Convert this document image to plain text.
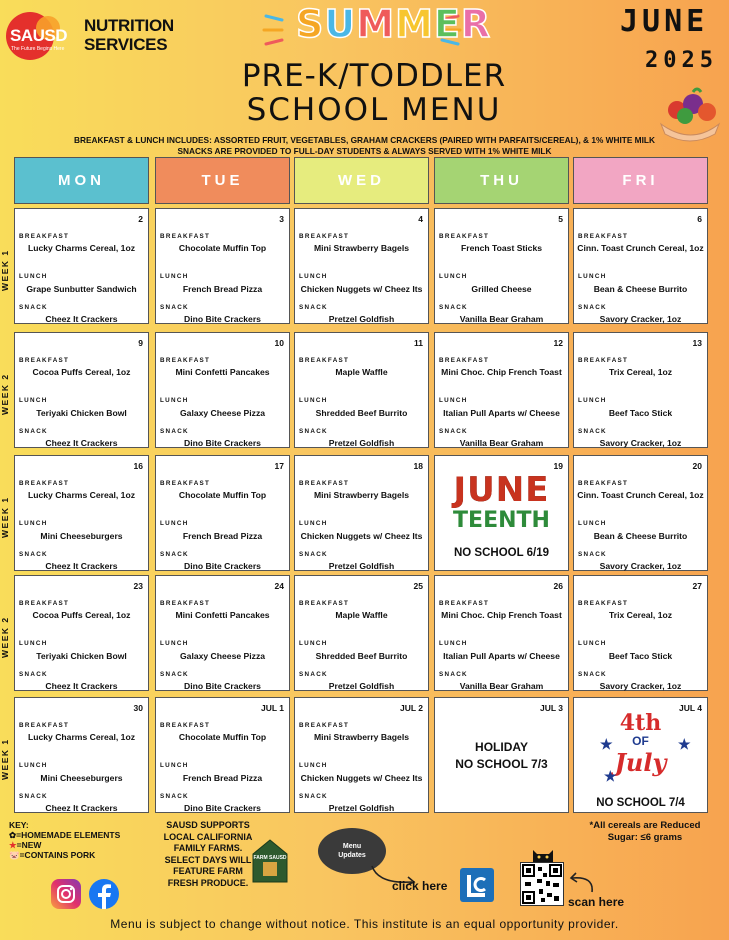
SAUSD
The Future Begins Here
NUTRITION
SERVICES	SUMMER
PRE-K/TODDLER
SCHOOL MENU
JUNE
2025
BREAKFAST & LUNCH INCLUDES: ASSORTED FRUIT, VEGETABLES, GRAHAM CRACKERS (PAIRED WITH PARFAITS/CEREAL), & 1% WHITE MILK
SNACKS ARE PROVIDED TO FULL-DAY STUDENTS & ALWAYS SERVED WITH 1% WHITE MILK
MON	TUE	WED	THU	FRI
WEEK 1
2
BREAKFAST
Lucky Charms Cereal, 1oz
LUNCH
Grape Sunbutter Sandwich
SNACK
Cheez It Crackers
3
BREAKFAST
Chocolate Muffin Top
LUNCH
French Bread Pizza
SNACK
Dino Bite Crackers
4
BREAKFAST
Mini Strawberry Bagels
LUNCH
Chicken Nuggets w/ Cheez Its
SNACK
Pretzel Goldfish
5
BREAKFAST
French Toast Sticks
LUNCH
Grilled Cheese
SNACK
Vanilla Bear Graham
6
BREAKFAST
Cinn. Toast Crunch Cereal, 1oz
LUNCH
Bean & Cheese Burrito
SNACK
Savory Cracker, 1oz
WEEK 2
9
BREAKFAST
Cocoa Puffs Cereal, 1oz
LUNCH
Teriyaki Chicken Bowl
SNACK
Cheez It Crackers
10
BREAKFAST
Mini Confetti Pancakes
LUNCH
Galaxy Cheese Pizza
SNACK
Dino Bite Crackers
11
BREAKFAST
Maple Waffle
LUNCH
Shredded Beef Burrito
SNACK
Pretzel Goldfish
12
BREAKFAST
Mini Choc. Chip French Toast
LUNCH
Italian Pull Aparts w/ Cheese
SNACK
Vanilla Bear Graham
13
BREAKFAST
Trix Cereal, 1oz
LUNCH
Beef Taco Stick
SNACK
Savory Cracker, 1oz
WEEK 1
16
BREAKFAST
Lucky Charms Cereal, 1oz
LUNCH
Mini Cheeseburgers
SNACK
Cheez It Crackers
17
BREAKFAST
Chocolate Muffin Top
LUNCH
French Bread Pizza
SNACK
Dino Bite Crackers
18
BREAKFAST
Mini Strawberry Bagels
LUNCH
Chicken Nuggets w/ Cheez Its
SNACK
Pretzel Goldfish
19
JUNE
TEENTH
NO SCHOOL 6/19
20
BREAKFAST
Cinn. Toast Crunch Cereal, 1oz
LUNCH
Bean & Cheese Burrito
SNACK
Savory Cracker, 1oz
WEEK 2
23
BREAKFAST
Cocoa Puffs Cereal, 1oz
LUNCH
Teriyaki Chicken Bowl
SNACK
Cheez It Crackers
24
BREAKFAST
Mini Confetti Pancakes
LUNCH
Galaxy Cheese Pizza
SNACK
Dino Bite Crackers
25
BREAKFAST
Maple Waffle
LUNCH
Shredded Beef Burrito
SNACK
Pretzel Goldfish
26
BREAKFAST
Mini Choc. Chip French Toast
LUNCH
Italian Pull Aparts w/ Cheese
SNACK
Vanilla Bear Graham
27
BREAKFAST
Trix Cereal, 1oz
LUNCH
Beef Taco Stick
SNACK
Savory Cracker, 1oz
WEEK 1
30
BREAKFAST
Lucky Charms Cereal, 1oz
LUNCH
Mini Cheeseburgers
SNACK
Cheez It Crackers
JUL 1
BREAKFAST
Chocolate Muffin Top
LUNCH
French Bread Pizza
SNACK
Dino Bite Crackers
JUL 2
BREAKFAST
Mini Strawberry Bagels
LUNCH
Chicken Nuggets w/ Cheez Its
SNACK
Pretzel Goldfish
JUL 3
HOLIDAY
NO SCHOOL 7/3
JUL 4
4th
OF
July
★	★
★
NO SCHOOL 7/4
KEY:
✿=HOMEMADE ELEMENTS
★=NEW
🐷=CONTAINS PORK
SAUSD SUPPORTS
LOCAL CALIFORNIA
FAMILY FARMS.
SELECT DAYS WILL
FEATURE FARM
FRESH PRODUCE.
FARM SAUSD
Menu
Updates
click here
scan here
*All cereals are Reduced
Sugar: ≤6 grams
Menu is subject to change without notice. This institute is an equal opportunity provider.
